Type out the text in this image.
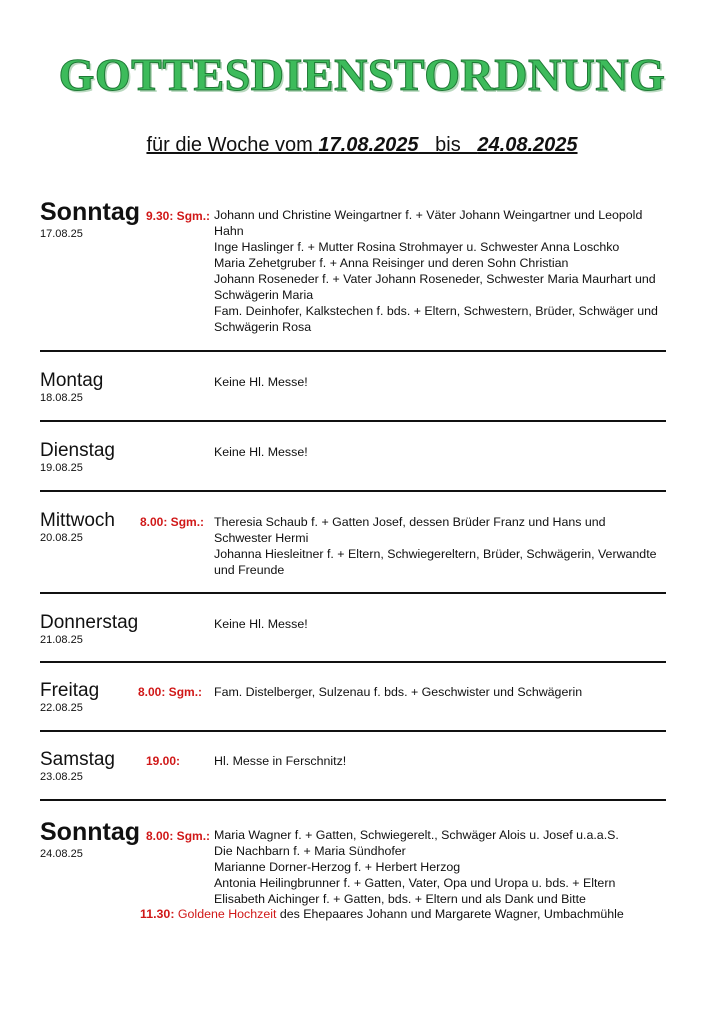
GOTTESDIENSTORDNUNG
für die Woche vom 17.08.2025   bis   24.08.2025
Sonntag
17.08.25
9.30: Sgm.: Johann und Christine Weingartner f. + Väter Johann Weingartner und Leopold Hahn

Inge Haslinger f. + Mutter Rosina Strohmayer u. Schwester Anna Loschko

Maria Zehetgruber f. + Anna Reisinger und deren Sohn Christian

Johann Roseneder f. + Vater Johann Roseneder, Schwester Maria Maurhart und Schwägerin Maria

Fam. Deinhofer, Kalkstechen f. bds. + Eltern, Schwestern, Brüder, Schwäger und Schwägerin Rosa

Montag
18.08.25

Keine Hl. Messe!

Dienstag
19.08.25

Keine Hl. Messe!

Mittwoch
20.08.25
8.00: Sgm.: Theresia Schaub f. + Gatten Josef, dessen Brüder Franz und Hans und Schwester Hermi

Johanna Hiesleitner f. + Eltern, Schwiegereltern, Brüder, Schwägerin, Verwandte und Freunde

Donnerstag
21.08.25

Keine Hl. Messe!

Freitag
22.08.25
8.00: Sgm.: Fam. Distelberger, Sulzenau f. bds. + Geschwister und Schwägerin

Samstag
23.08.25
19.00:	Hl. Messe in Ferschnitz!

Sonntag
24.08.25
8.00: Sgm.: Maria Wagner f. + Gatten, Schwiegerelt., Schwäger Alois u. Josef u.a.a.S.

Die Nachbarn f. + Maria Sündhofer

Marianne Dorner-Herzog f. + Herbert Herzog

Antonia Heilingbrunner f. + Gatten, Vater, Opa und Uropa u. bds. + Eltern

Elisabeth Aichinger f. + Gatten, bds. + Eltern und als Dank und Bitte

11.30: Goldene Hochzeit des Ehepaares Johann und Margarete Wagner, Umbachmühle
